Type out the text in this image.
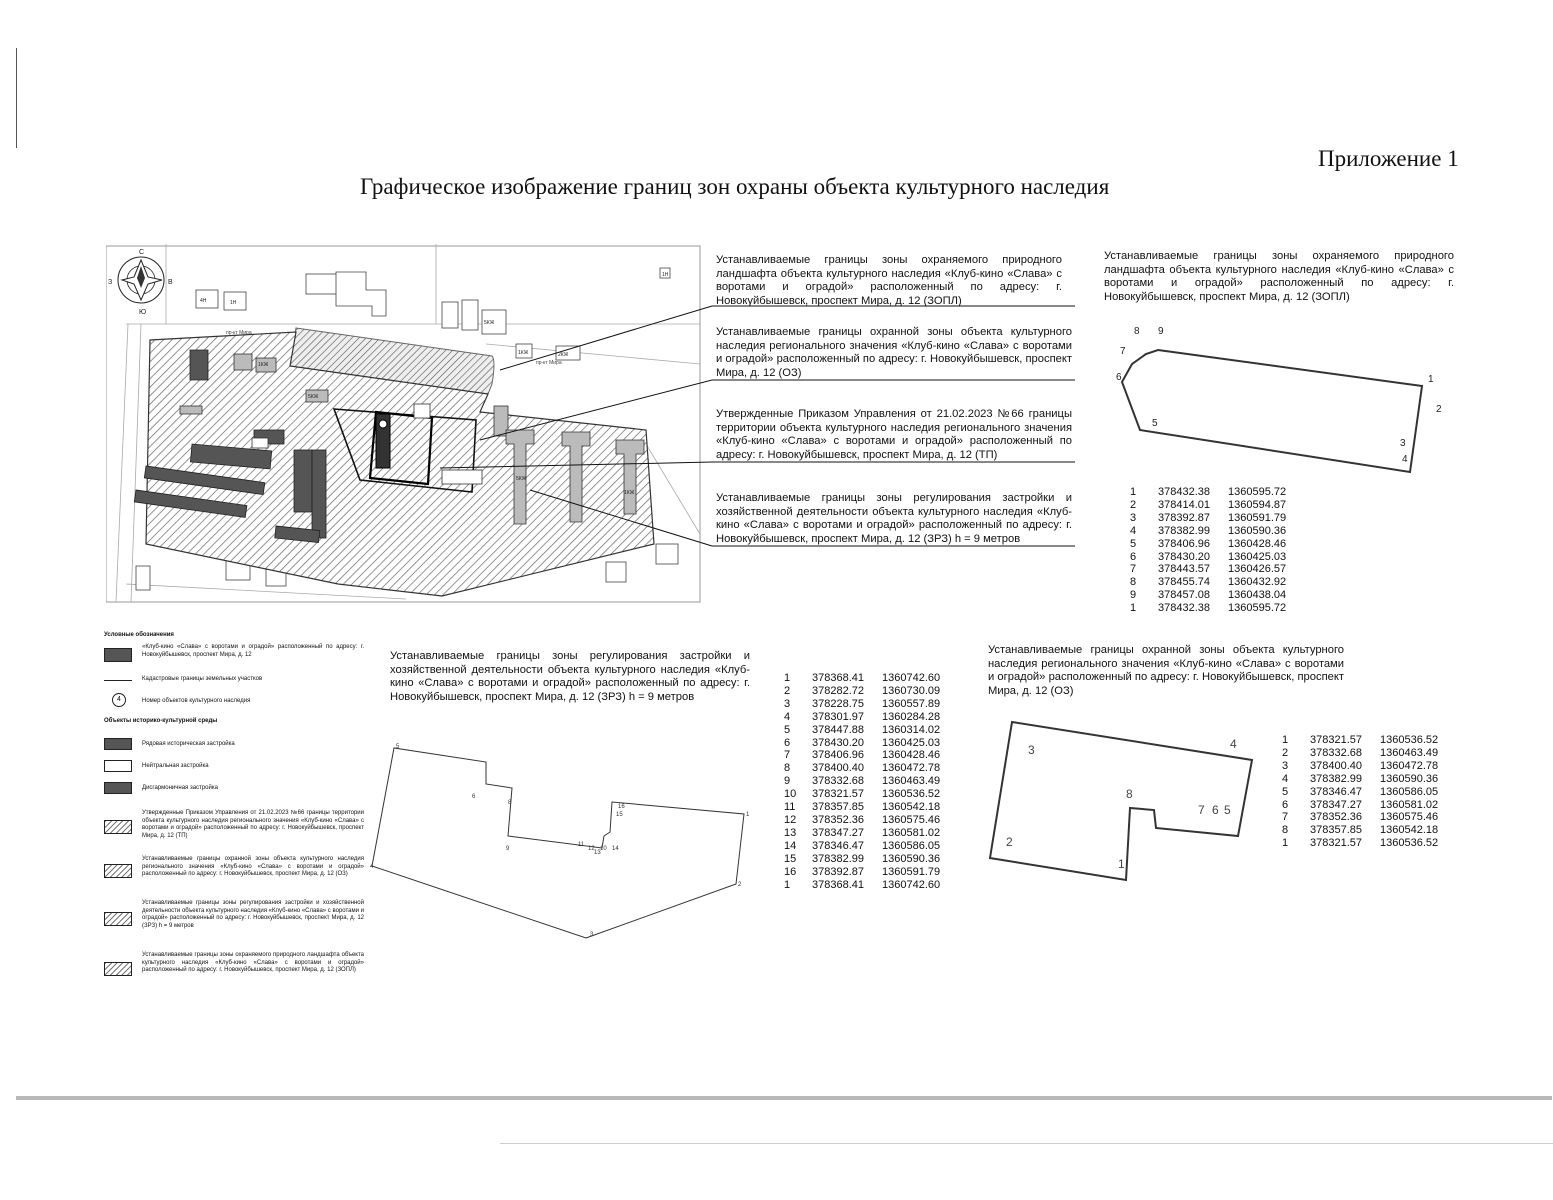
Приложение 1
Графическое изображение границ зон охраны объекта культурного наследия
С
Ю
З	В
пр-кт Мира
пр-кт Мира
4Н	1Н
5КЖ
1КЖ	2КЖ
5КЖ
1КЖ
5КЖ
1КЖ
1Н
Устанавливаемые границы зоны охраняемого природного ландшафта объекта культурного наследия «Клуб-кино «Слава» с воротами и оградой» расположенный по адресу: г. Новокуйбышевск, проспект Мира, д. 12 (ЗОПЛ)
Устанавливаемые границы охранной зоны объекта культурного наследия регионального значения «Клуб-кино «Слава» с воротами и оградой» расположенный по адресу: г. Новокуйбышевск, проспект Мира, д. 12 (ОЗ)
Утвержденные Приказом Управления от 21.02.2023 №66 границы территории объекта культурного наследия регионального значения «Клуб-кино «Слава» с воротами и оградой» расположенный по адресу: г. Новокуйбышевск, проспект Мира, д. 12 (ТП)
Устанавливаемые границы зоны регулирования застройки и хозяйственной деятельности объекта культурного наследия «Клуб-кино «Слава» с воротами и оградой» расположенный по адресу: г. Новокуйбышевск, проспект Мира, д. 12 (ЗРЗ) h = 9 метров
Устанавливаемые границы зоны охраняемого природного ландшафта объекта культурного наследия «Клуб-кино «Слава» с воротами и оградой» расположенный по адресу: г. Новокуйбышевск, проспект Мира, д. 12 (ЗОПЛ)
1
2
3
4
5
6
7
8 9
1	378432.38	1360595.72
2	378414.01	1360594.87
3	378392.87	1360591.79
4	378382.99	1360590.36
5	378406.96	1360428.46
6	378430.20	1360425.03
7	378443.57	1360426.57
8	378455.74	1360432.92
9	378457.08	1360438.04
1	378432.38	1360595.72
Условные обозначения
«Клуб-кино «Слава» с воротами и оградой» расположенный по адресу: г. Новокуйбышевск, проспект Мира, д. 12
Кадастровые границы земельных участков
4	Номер объектов культурного наследия
Объекты историко-культурной среды
Рядовая историческая застройка
Нейтральная застройка
Дисгармоничная застройка
Утвержденные Приказом Управления от 21.02.2023 №66 границы территории объекта культурного наследия регионального значения «Клуб-кино «Слава» с воротами и оградой» расположенный по адресу: г. Новокуйбышевск, проспект Мира, д. 12 (ТП)
Устанавливаемые границы охранной зоны объекта культурного наследия регионального значения «Клуб-кино «Слава» с воротами и оградой» расположенный по адресу: г. Новокуйбышевск, проспект Мира, д. 12 (ОЗ)
Устанавливаемые границы зоны регулирования застройки и хозяйственной деятельности объекта культурного наследия «Клуб-кино «Слава» с воротами и оградой» расположенный по адресу: г. Новокуйбышевск, проспект Мира, д. 12 (ЗРЗ) h = 9 метров
Устанавливаемые границы зоны охраняемого природного ландшафта объекта культурного наследия «Клуб-кино «Слава» с воротами и оградой» расположенный по адресу: г. Новокуйбышевск, проспект Мира, д. 12 (ЗОПЛ)
Устанавливаемые границы зоны регулирования застройки и хозяйственной деятельности объекта культурного наследия «Клуб-кино «Слава» с воротами и оградой» расположенный по адресу: г. Новокуйбышевск, проспект Мира, д. 12 (ЗРЗ) h = 9 метров
1
2
3
4
5
6
8
9	10
11
12
13
14
15
16
1	378368.41	1360742.60
2	378282.72	1360730.09
3	378228.75	1360557.89
4	378301.97	1360284.28
5	378447.88	1360314.02
6	378430.20	1360425.03
7	378406.96	1360428.46
8	378400.40	1360472.78
9	378332.68	1360463.49
10	378321.57	1360536.52
11	378357.85	1360542.18
12	378352.36	1360575.46
13	378347.27	1360581.02
14	378346.47	1360586.05
15	378382.99	1360590.36
16	378392.87	1360591.79
1	378368.41	1360742.60
Устанавливаемые границы охранной зоны объекта культурного наследия регионального значения «Клуб-кино «Слава» с воротами и оградой» расположенный по адресу: г. Новокуйбышевск, проспект Мира, д. 12 (ОЗ)
4
3
2
1
8
7 6 5
1	378321.57	1360536.52
2	378332.68	1360463.49
3	378400.40	1360472.78
4	378382.99	1360590.36
5	378346.47	1360586.05
6	378347.27	1360581.02
7	378352.36	1360575.46
8	378357.85	1360542.18
1	378321.57	1360536.52
